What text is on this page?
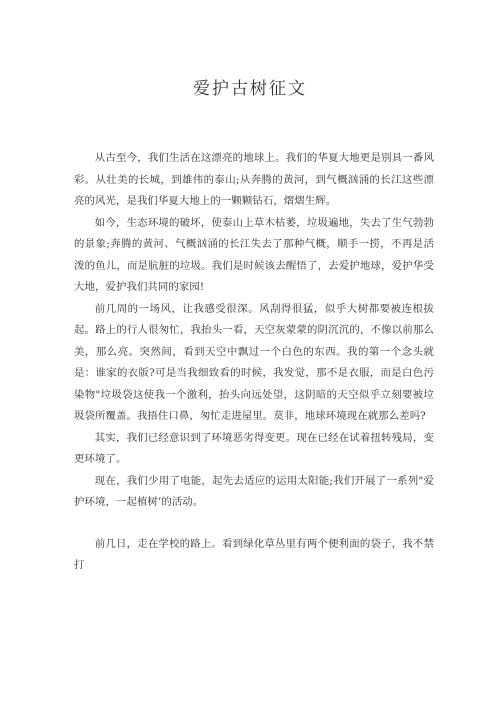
爱护古树征文

从古至今，我们生活在这漂亮的地球上。我们的华夏大地更是别具一番风彩。从壮美的长城，到雄伟的泰山;从奔腾的黄河，到气概汹涌的长江这些漂亮的风光，是我们华夏大地上的一颗颗钻石，熠熠生辉。

如今，生态环境的破坏，使泰山上草木枯萎，垃圾遍地，失去了生气勃勃的景象;奔腾的黄河、气概汹涌的长江失去了那种气概，顺手一捞，不再是活泼的鱼儿，而是肮脏的垃圾。我们是时候该去醒悟了，去爱护地球，爱护华受大地，爱护我们共同的家园!

前几周的一场风，让我感受很深。风刮得很猛，似乎大树都要被连根拔起。路上的行人很匆忙，我抬头一看，天空灰蒙蒙的阴沉沉的，不像以前那么美，那么亮。突然间，看到天空中飘过一个白色的东西。我的第一个念头就是：谁家的衣版?可是当我细致看的时候，我发觉，那不是衣服，而是白色污染物"垃圾袋这使我一个激利，抬头向远处望，这阴暗的天空似乎立刻要被垃圾袋所覆盖。我捂住口鼻，匆忙走进屋里。莫非，地球环境现在就那么差吗?

其实，我们已经意识到了环境恶劣得变更。现在已经在试着扭转残局，变更环境了。

现在，我们少用了电能，起先去适应的运用太阳能;我们开展了一系列"爱护环境，一起植树’的活动。

前几日，走在学校的路上。看到绿化草丛里有两个便利面的袋子，我不禁打
